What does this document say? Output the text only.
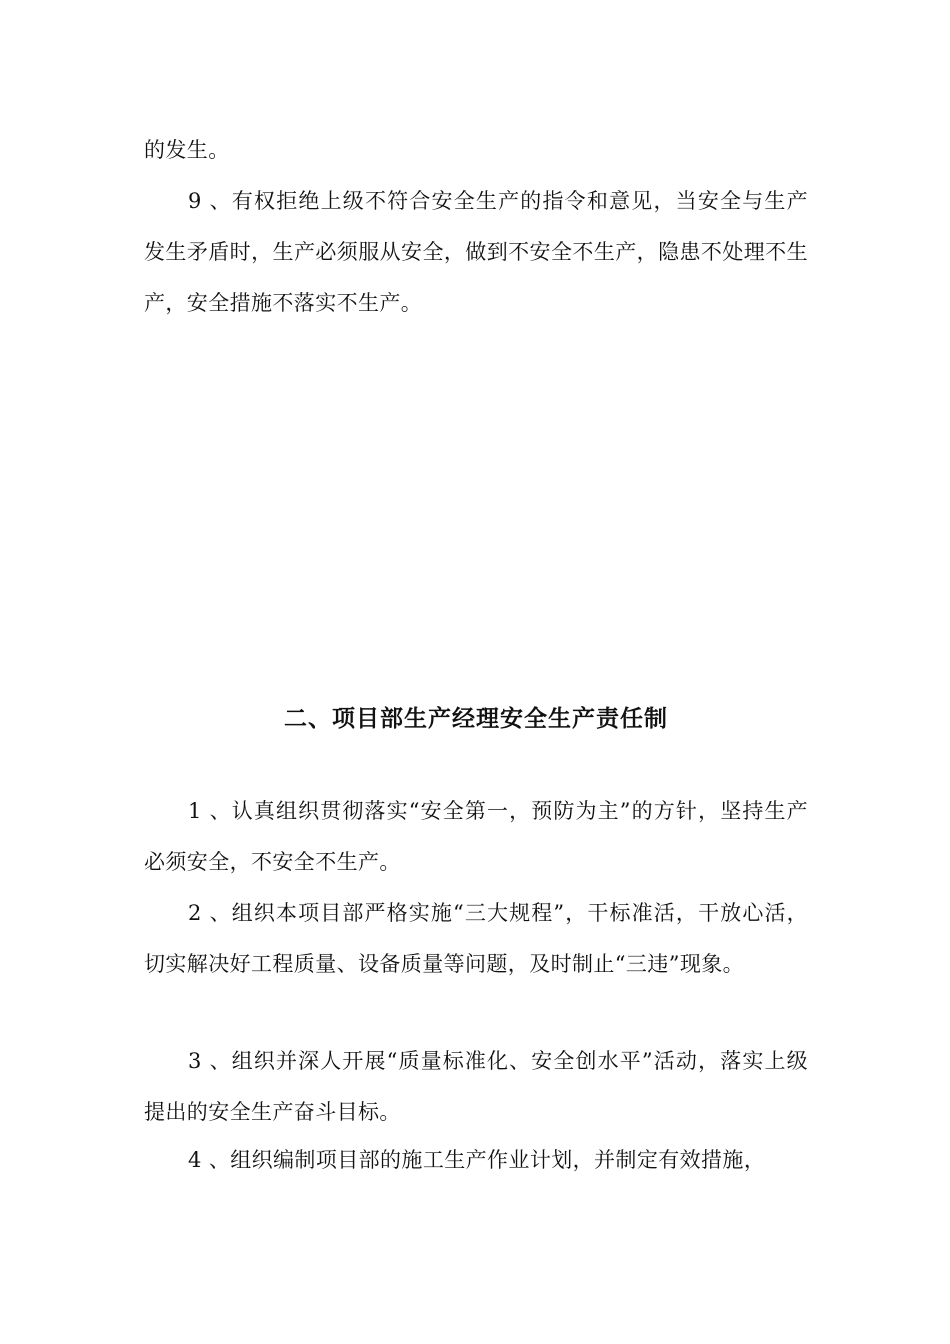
的发生。

9 、有权拒绝上级不符合安全生产的指令和意见，当安全与生产发生矛盾时，生产必须服从安全，做到不安全不生产，隐患不处理不生产，安全措施不落实不生产。

二、项目部生产经理安全生产责任制

1 、认真组织贯彻落实“安全第一，预防为主”的方针，坚持生产必须安全，不安全不生产。

2 、组织本项目部严格实施“三大规程”，干标准活，干放心活，切实解决好工程质量、设备质量等问题，及时制止“三违”现象。

3 、组织并深人开展“质量标准化、安全创水平”活动，落实上级提出的安全生产奋斗目标。

4 、组织编制项目部的施工生产作业计划，并制定有效措施，
